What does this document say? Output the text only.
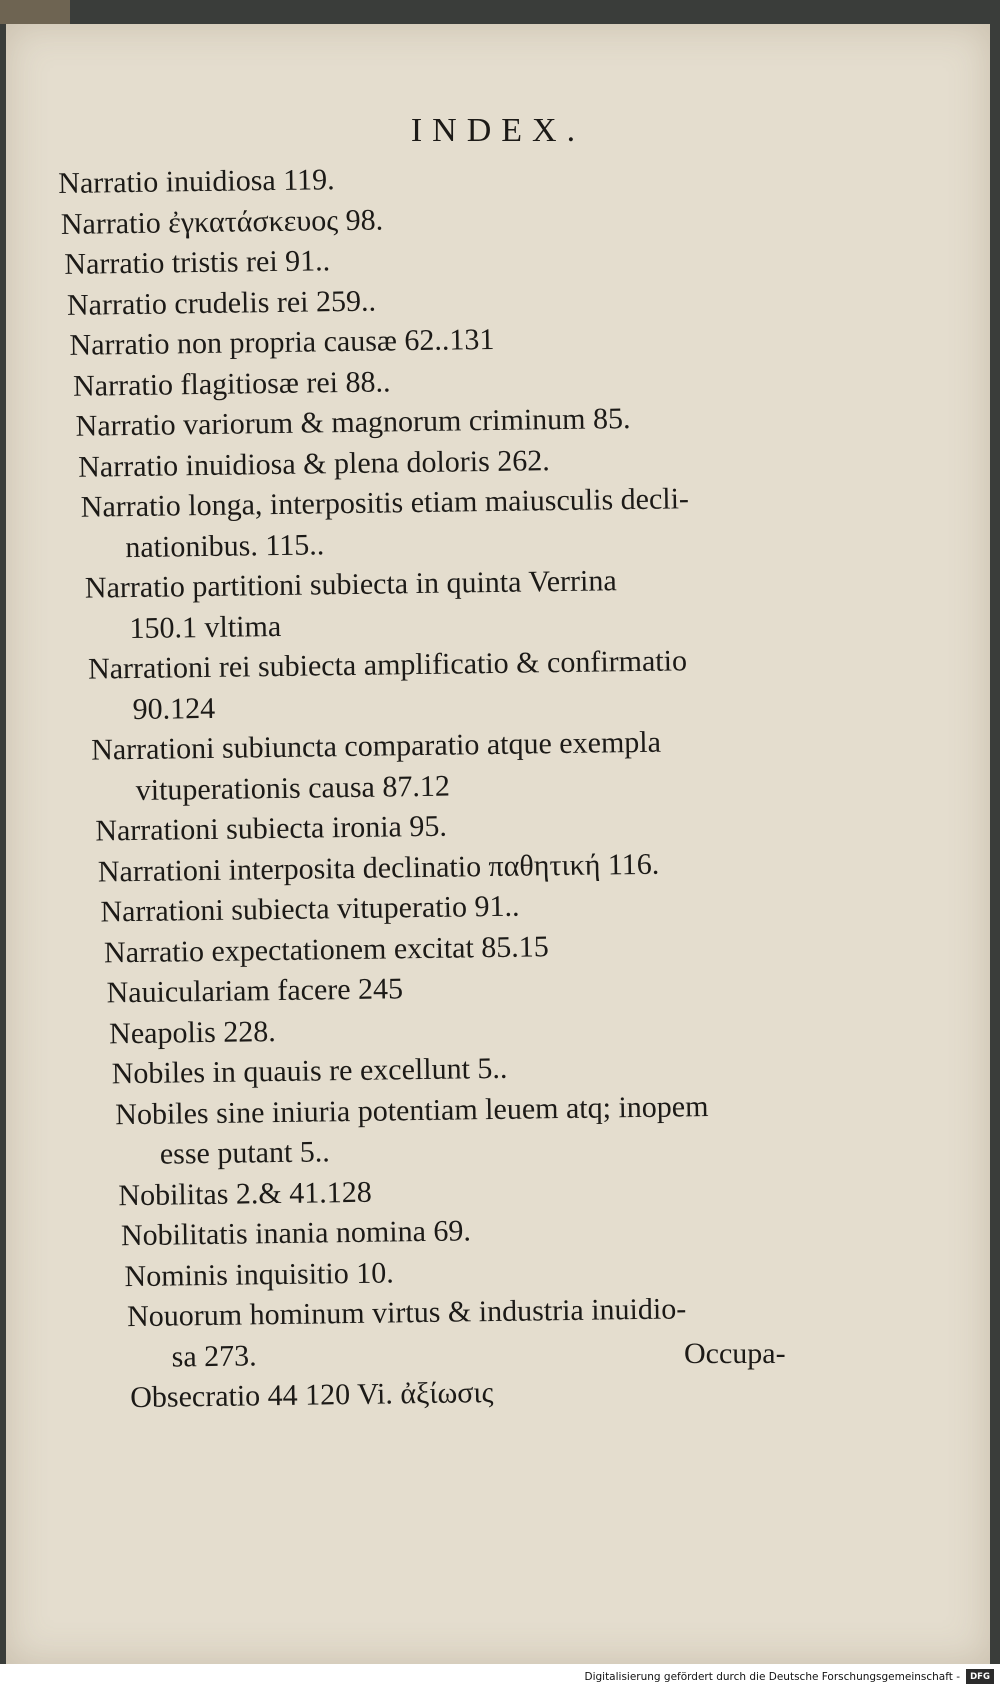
INDEX.
Narratio inuidiosa 119.
Narratio ἐγκατάσκευος 98.
Narratio tristis rei 91..
Narratio crudelis rei 259..
Narratio non propria causæ 62..131
Narratio flagitiosæ rei 88..
Narratio variorum & magnorum criminum 85.
Narratio inuidiosa & plena doloris 262.
Narratio longa, interpositis etiam maiusculis decli-
nationibus. 115..
Narratio partitioni subiecta in quinta Verrina
150.1 vltima
Narrationi rei subiecta amplificatio & confirmatio
90.124
Narrationi subiuncta comparatio atque exempla
vituperationis causa 87.12
Narrationi subiecta ironia 95.
Narrationi interposita declinatio παθητική 116.
Narrationi subiecta vituperatio 91..
Narratio expectationem excitat 85.15
Nauiculariam facere 245
Neapolis 228.
Nobiles in quauis re excellunt 5..
Nobiles sine iniuria potentiam leuem atq; inopem
esse putant 5..
Nobilitas 2.& 41.128
Nobilitatis inania nomina 69.
Nominis inquisitio 10.
Nouorum hominum virtus & industria inuidio-
sa 273.
Obsecratio 44 120 Vi. ἀξίωσις
Occupa-
Digitalisierung gefördert durch die Deutsche Forschungsgemeinschaft -	DFG
